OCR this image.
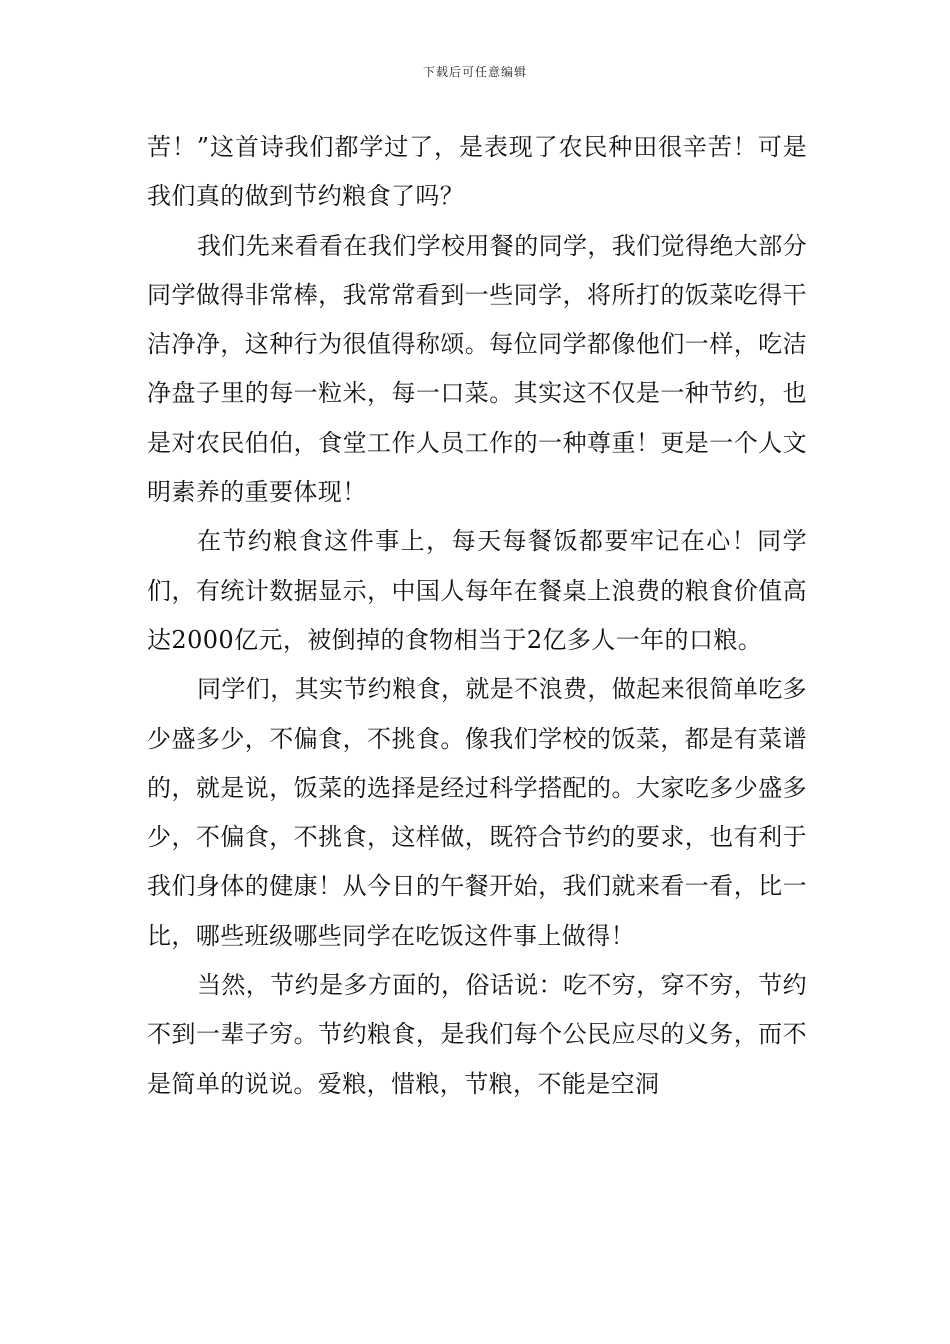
下载后可任意编辑

苦！”这首诗我们都学过了，是表现了农民种田很辛苦！可是我们真的做到节约粮食了吗？

我们先来看看在我们学校用餐的同学，我们觉得绝大部分同学做得非常棒，我常常看到一些同学，将所打的饭菜吃得干洁净净，这种行为很值得称颂。每位同学都像他们一样，吃洁净盘子里的每一粒米，每一口菜。其实这不仅是一种节约，也是对农民伯伯，食堂工作人员工作的一种尊重！更是一个人文明素养的重要体现！

在节约粮食这件事上，每天每餐饭都要牢记在心！同学们，有统计数据显示，中国人每年在餐桌上浪费的粮食价值高达2000亿元，被倒掉的食物相当于2亿多人一年的口粮。

同学们，其实节约粮食，就是不浪费，做起来很简单吃多少盛多少，不偏食，不挑食。像我们学校的饭菜，都是有菜谱的，就是说，饭菜的选择是经过科学搭配的。大家吃多少盛多少，不偏食，不挑食，这样做，既符合节约的要求，也有利于我们身体的健康！从今日的午餐开始，我们就来看一看，比一比，哪些班级哪些同学在吃饭这件事上做得！

当然，节约是多方面的，俗话说：吃不穷，穿不穷，节约不到一辈子穷。节约粮食，是我们每个公民应尽的义务，而不是简单的说说。爱粮，惜粮，节粮，不能是空洞
